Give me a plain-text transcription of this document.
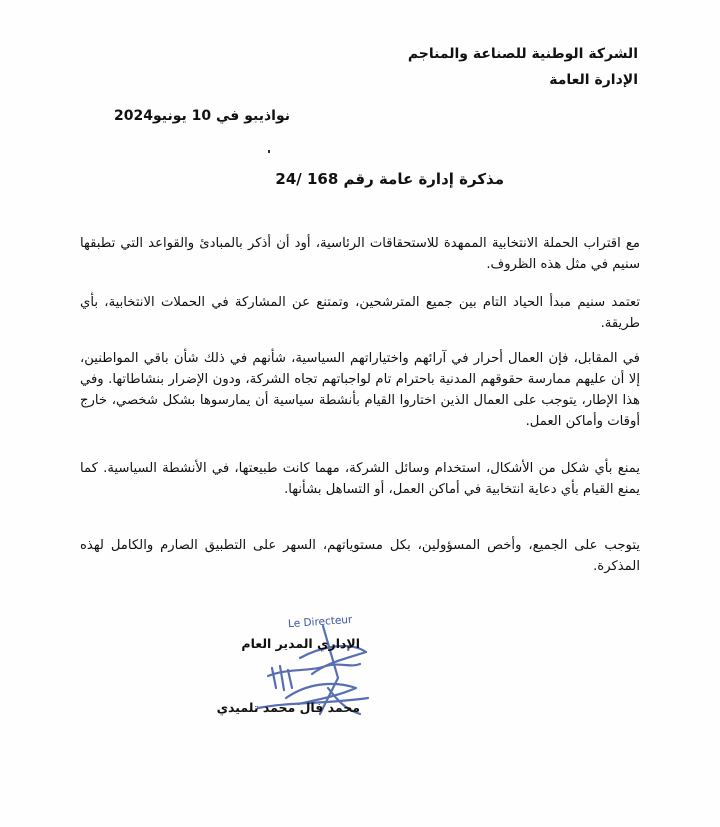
الشركة الوطنية للصناعة والمناجم
الإدارة العامة
نواذيبو في 10 يونيو2024
مذكرة إدارة عامة رقم 168 /24
مع اقتراب الحملة الانتخابية الممهدة للاستحقاقات الرئاسية، أود أن أذكر بالمبادئ والقواعد التي تطبقها سنيم في مثل هذه الظروف.
تعتمد سنيم مبدأ الحياد التام بين جميع المترشحين، وتمتنع عن المشاركة في الحملات الانتخابية، بأي طريقة.
في المقابل، فإن العمال أحرار في آرائهم واختياراتهم السياسية، شأنهم في ذلك شأن باقي المواطنين، إلا أن عليهم ممارسة حقوقهم المدنية باحترام تام لواجباتهم تجاه الشركة، ودون الإضرار بنشاطاتها. وفي هذا الإطار، يتوجب على العمال الذين اختاروا القيام بأنشطة سياسية أن يمارسوها بشكل شخصي، خارج أوقات وأماكن العمل.
يمنع بأي شكل من الأشكال، استخدام وسائل الشركة، مهما كانت طبيعتها، في الأنشطة السياسية. كما يمنع القيام بأي دعاية انتخابية في أماكن العمل، أو التساهل بشأنها.
يتوجب على الجميع، وأخص المسؤولين، بكل مستوياتهم، السهر على التطبيق الصارم والكامل لهذه المذكرة.
Le Directeur
الإداري المدير العام
محمد فال محمد تلميدي
